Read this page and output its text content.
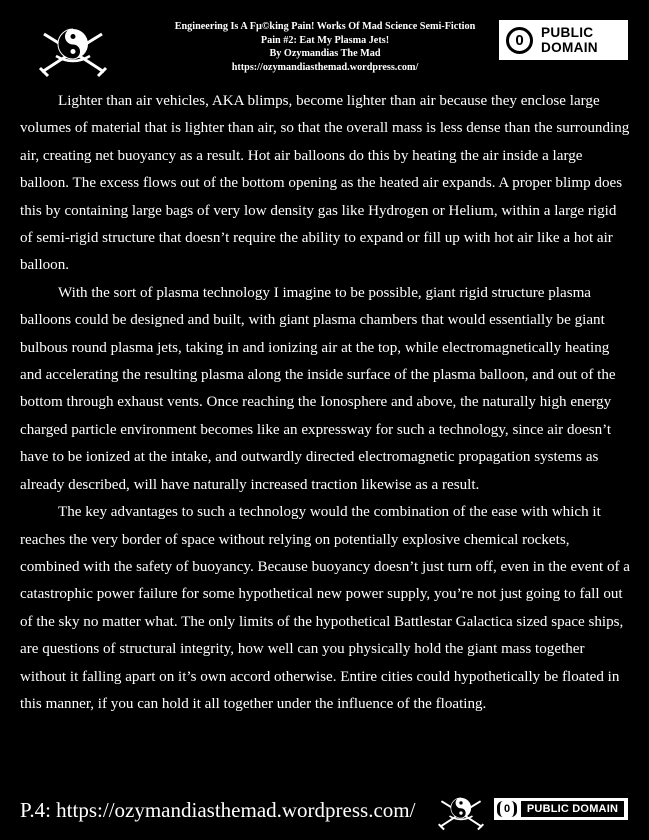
Engineering Is A Fµ©king Pain! Works Of Mad Science Semi-Fiction
Pain #2: Eat My Plasma Jets!
By Ozymandias The Mad
https://ozymandiasthemad.wordpress.com/
0 PUBLIC
DOMAIN

Lighter than air vehicles, AKA blimps, become lighter than air because they enclose large volumes of material that is lighter than air, so that the overall mass is less dense than the surrounding air, creating net buoyancy as a result. Hot air balloons do this by heating the air inside a large balloon. The excess flows out of the bottom opening as the heated air expands. A proper blimp does this by containing large bags of very low density gas like Hydrogen or Helium, within a large rigid of semi-rigid structure that doesn’t require the ability to expand or fill up with hot air like a hot air balloon.

With the sort of plasma technology I imagine to be possible, giant rigid structure plasma balloons could be designed and built, with giant plasma chambers that would essentially be giant bulbous round plasma jets, taking in and ionizing air at the top, while electromagnetically heating and accelerating the resulting plasma along the inside surface of the plasma balloon, and out of the bottom through exhaust vents. Once reaching the Ionosphere and above, the naturally high energy charged particle environment becomes like an expressway for such a technology, since air doesn’t have to be ionized at the intake, and outwardly directed electromagnetic propagation systems as already described, will have naturally increased traction likewise as a result.

The key advantages to such a technology would the combination of the ease with which it reaches the very border of space without relying on potentially explosive chemical rockets, combined with the safety of buoyancy. Because buoyancy doesn’t just turn off, even in the event of a catastrophic power failure for some hypothetical new power supply, you’re not just going to fall out of the sky no matter what. The only limits of the hypothetical Battlestar Galactica sized space ships, are questions of structural integrity, how well can you physically hold the giant mass together without it falling apart on it’s own accord otherwise. Entire cities could hypothetically be floated in this manner, if you can hold it all together under the influence of the floating.

P.4: https://ozymandiasthemad.wordpress.com/	0	PUBLIC DOMAIN
